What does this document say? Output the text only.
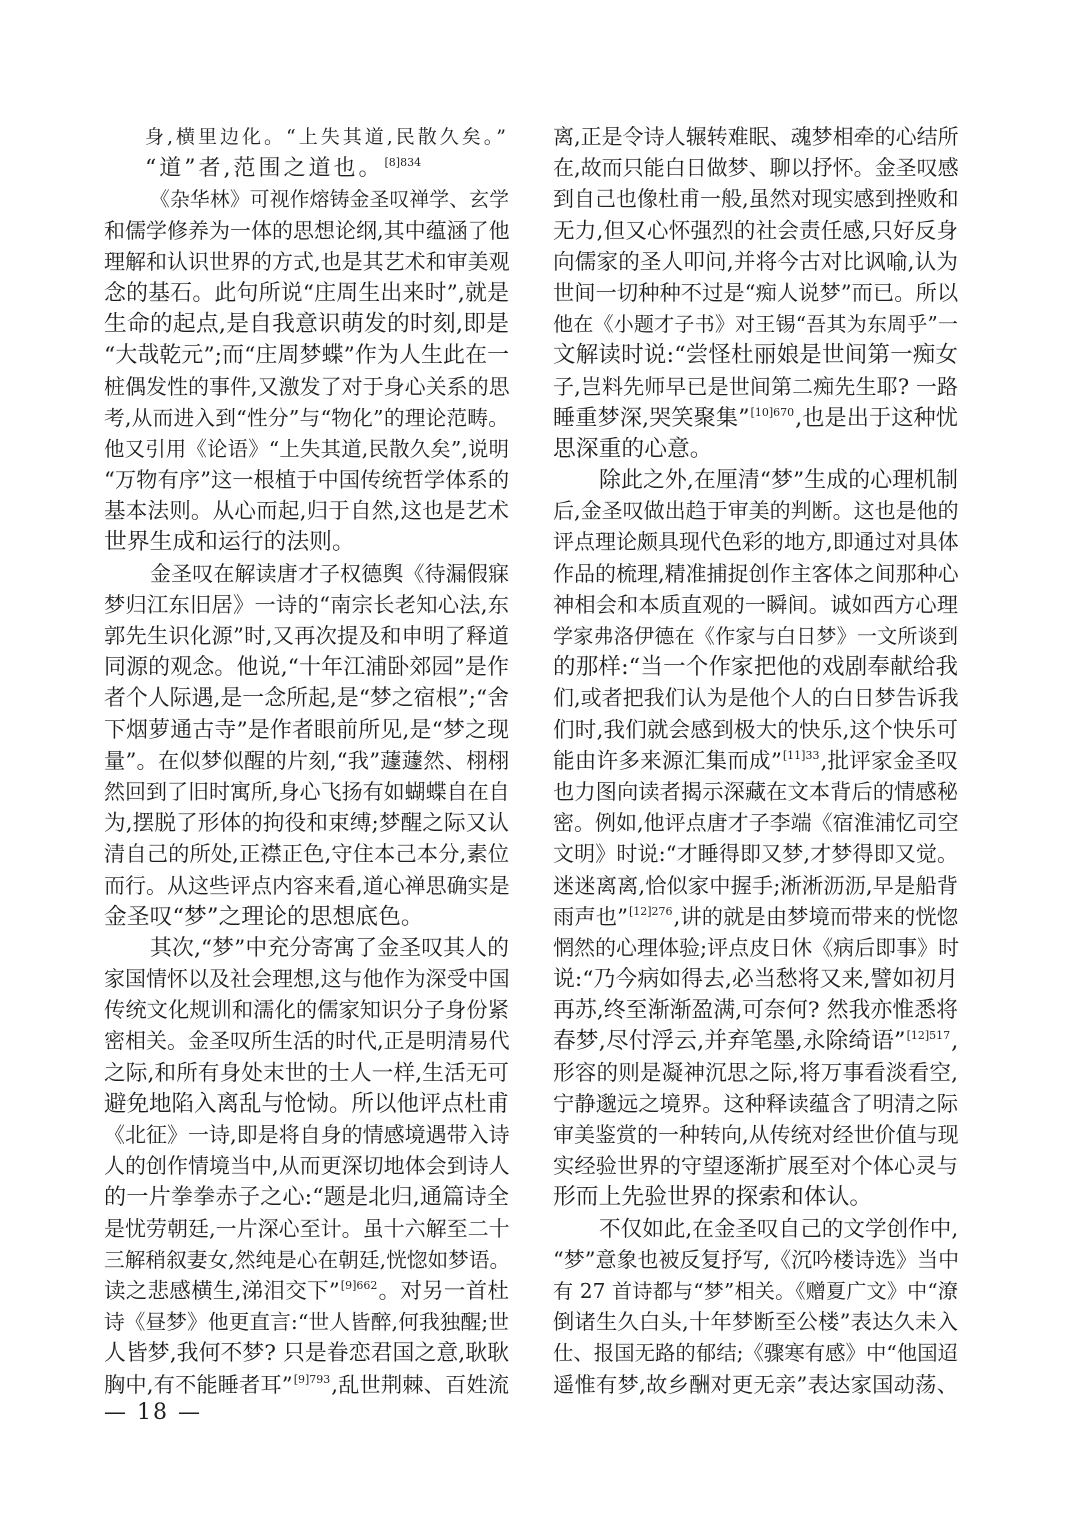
身,横里边化。“上失其道,民散久矣。”
“道”者,范围之道也。$^{[8]834}$
《杂华林》可视作熔铸金圣叹禅学、玄学
和儒学修养为一体的思想论纲,其中蕴涵了他
理解和认识世界的方式,也是其艺术和审美观
念的基石。此句所说“庄周生出来时”,就是
生命的起点,是自我意识萌发的时刻,即是
“大哉乾元”;而“庄周梦蝶”作为人生此在一
桩偶发性的事件,又激发了对于身心关系的思
考,从而进入到“性分”与“物化”的理论范畴。
他又引用《论语》“上失其道,民散久矣”,说明
“万物有序”这一根植于中国传统哲学体系的
基本法则。从心而起,归于自然,这也是艺术
世界生成和运行的法则。
金圣叹在解读唐才子权德舆《待漏假寐
梦归江东旧居》一诗的“南宗长老知心法,东
郭先生识化源”时,又再次提及和申明了释道
同源的观念。他说,“十年江浦卧郊园”是作
者个人际遇,是一念所起,是“梦之宿根”;“舍
下烟萝通古寺”是作者眼前所见,是“梦之现
量”。在似梦似醒的片刻,“我”蘧蘧然、栩栩
然回到了旧时寓所,身心飞扬有如蝴蝶自在自
为,摆脱了形体的拘役和束缚;梦醒之际又认
清自己的所处,正襟正色,守住本己本分,素位
而行。从这些评点内容来看,道心禅思确实是
金圣叹“梦”之理论的思想底色。
其次,“梦”中充分寄寓了金圣叹其人的
家国情怀以及社会理想,这与他作为深受中国
传统文化规训和濡化的儒家知识分子身份紧
密相关。金圣叹所生活的时代,正是明清易代
之际,和所有身处末世的士人一样,生活无可
避免地陷入离乱与怆恸。所以他评点杜甫
《北征》一诗,即是将自身的情感境遇带入诗
人的创作情境当中,从而更深切地体会到诗人
的一片拳拳赤子之心:“题是北归,通篇诗全
是忧劳朝廷,一片深心至计。虽十六解至二十
三解稍叙妻女,然纯是心在朝廷,恍惚如梦语。
读之悲感横生,涕泪交下”$^{[9]662}$。对另一首杜
诗《昼梦》他更直言:“世人皆醉,何我独醒;世
人皆梦,我何不梦? 只是眷恋君国之意,耿耿
胸中,有不能睡者耳”$^{[9]793}$,乱世荆棘、百姓流
离,正是令诗人辗转难眠、魂梦相牵的心结所
在,故而只能白日做梦、聊以抒怀。金圣叹感
到自己也像杜甫一般,虽然对现实感到挫败和
无力,但又心怀强烈的社会责任感,只好反身
向儒家的圣人叩问,并将今古对比讽喻,认为
世间一切种种不过是“痴人说梦”而已。所以
他在《小题才子书》对王锡“吾其为东周乎”一
文解读时说:“尝怪杜丽娘是世间第一痴女
子,岂料先师早已是世间第二痴先生耶? 一路
睡重梦深,哭笑聚集”$^{[10]670}$,也是出于这种忧
思深重的心意。
除此之外,在厘清“梦”生成的心理机制
后,金圣叹做出趋于审美的判断。这也是他的
评点理论颇具现代色彩的地方,即通过对具体
作品的梳理,精准捕捉创作主客体之间那种心
神相会和本质直观的一瞬间。诚如西方心理
学家弗洛伊德在《作家与白日梦》一文所谈到
的那样:“当一个作家把他的戏剧奉献给我
们,或者把我们认为是他个人的白日梦告诉我
们时,我们就会感到极大的快乐,这个快乐可
能由许多来源汇集而成”$^{[11]33}$,批评家金圣叹
也力图向读者揭示深藏在文本背后的情感秘
密。例如,他评点唐才子李端《宿淮浦忆司空
文明》时说:“才睡得即又梦,才梦得即又觉。
迷迷离离,恰似家中握手;淅淅沥沥,早是船背
雨声也”$^{[12]276}$,讲的就是由梦境而带来的恍惚
惘然的心理体验;评点皮日休《病后即事》时
说:“乃今病如得去,必当愁将又来,譬如初月
再苏,终至渐渐盈满,可奈何? 然我亦惟悉将
春梦,尽付浮云,并弃笔墨,永除绮语”$^{[12]517}$,
形容的则是凝神沉思之际,将万事看淡看空,
宁静邈远之境界。这种释读蕴含了明清之际
审美鉴赏的一种转向,从传统对经世价值与现
实经验世界的守望逐渐扩展至对个体心灵与
形而上先验世界的探索和体认。
不仅如此,在金圣叹自己的文学创作中,
“梦”意象也被反复抒写,《沉吟楼诗选》当中
有 27 首诗都与“梦”相关。《赠夏广文》中“潦
倒诸生久白头,十年梦断至公楼”表达久未入
仕、报国无路的郁结;《骤寒有感》中“他国迢
遥惟有梦,故乡酬对更无亲”表达家国动荡、
— 18 —
